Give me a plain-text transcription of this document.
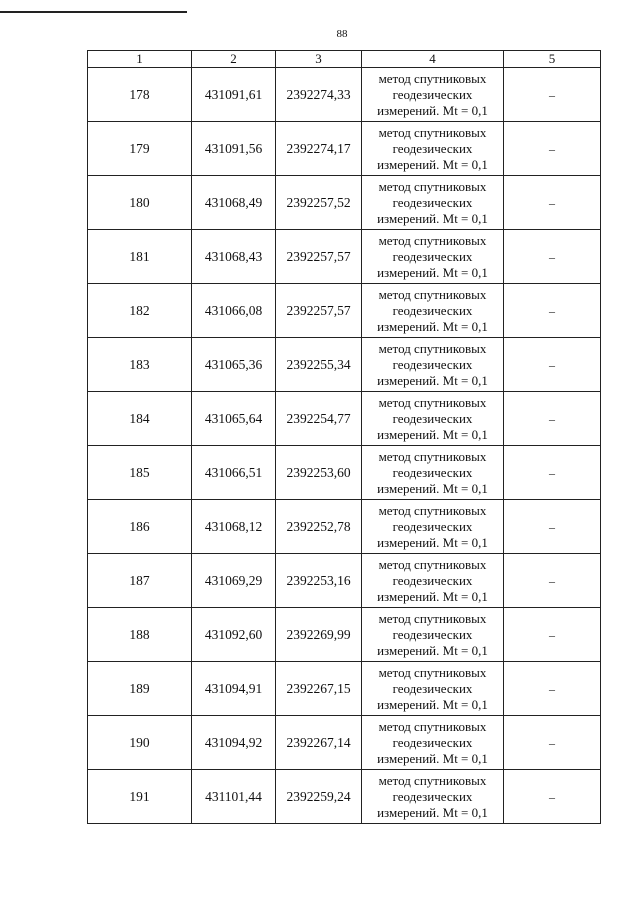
88
1	2	3	4	5
178	431091,61	2392274,33	метод спутниковых
геодезических
измерений. Mt = 0,1	–
179	431091,56	2392274,17	метод спутниковых
геодезических
измерений. Mt = 0,1	–
180	431068,49	2392257,52	метод спутниковых
геодезических
измерений. Mt = 0,1	–
181	431068,43	2392257,57	метод спутниковых
геодезических
измерений. Mt = 0,1	–
182	431066,08	2392257,57	метод спутниковых
геодезических
измерений. Mt = 0,1	–
183	431065,36	2392255,34	метод спутниковых
геодезических
измерений. Mt = 0,1	–
184	431065,64	2392254,77	метод спутниковых
геодезических
измерений. Mt = 0,1	–
185	431066,51	2392253,60	метод спутниковых
геодезических
измерений. Mt = 0,1	–
186	431068,12	2392252,78	метод спутниковых
геодезических
измерений. Mt = 0,1	–
187	431069,29	2392253,16	метод спутниковых
геодезических
измерений. Mt = 0,1	–
188	431092,60	2392269,99	метод спутниковых
геодезических
измерений. Mt = 0,1	–
189	431094,91	2392267,15	метод спутниковых
геодезических
измерений. Mt = 0,1	–
190	431094,92	2392267,14	метод спутниковых
геодезических
измерений. Mt = 0,1	–
191	431101,44	2392259,24	метод спутниковых
геодезических
измерений. Mt = 0,1	–
